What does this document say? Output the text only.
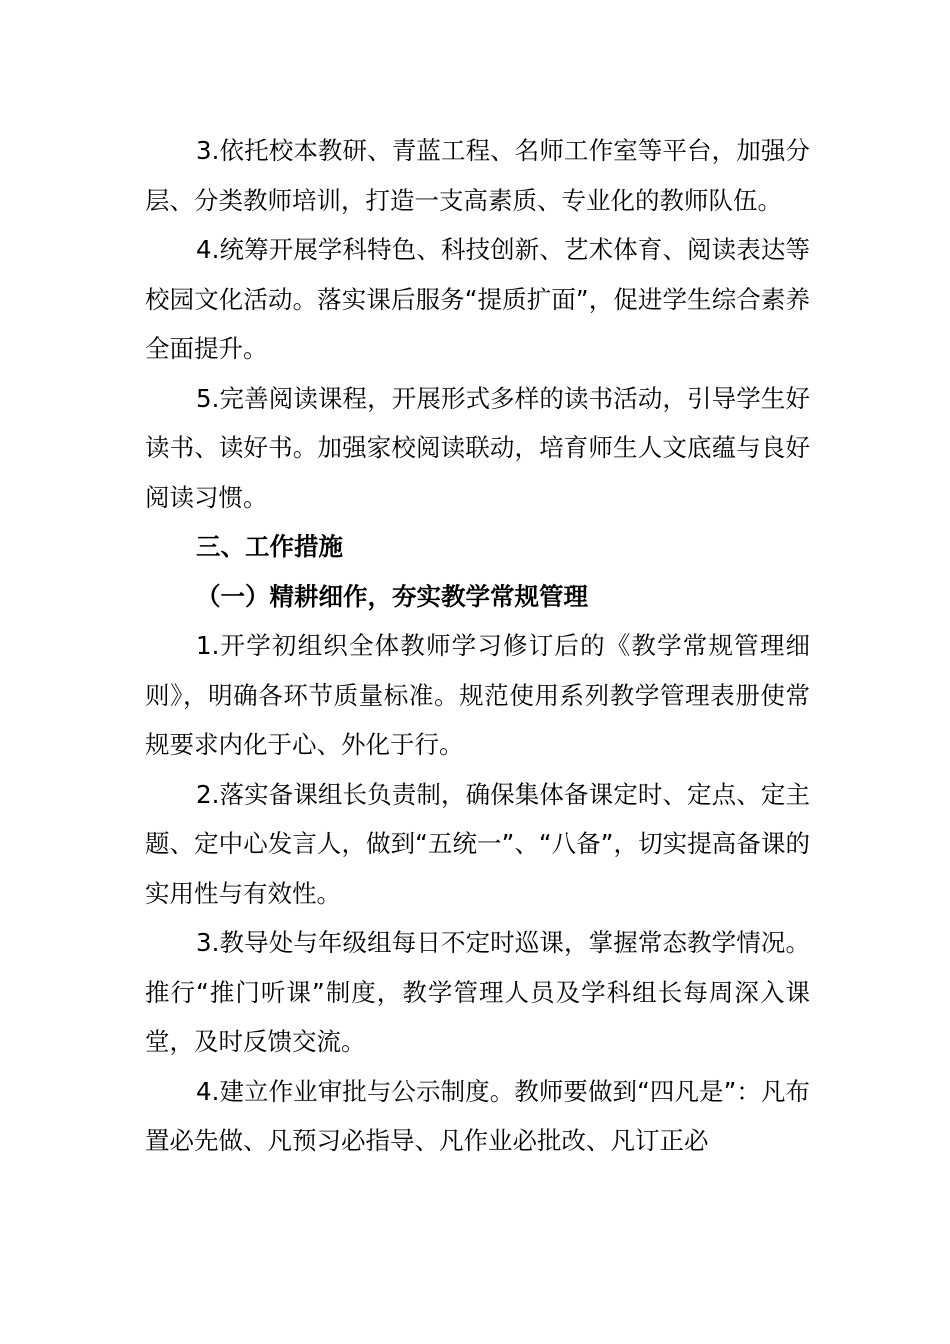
3.依托校本教研、青蓝工程、名师工作室等平台，加强分层、分类教师培训，打造一支高素质、专业化的教师队伍。

4.统筹开展学科特色、科技创新、艺术体育、阅读表达等校园文化活动。落实课后服务“提质扩面”，促进学生综合素养全面提升。

5.完善阅读课程，开展形式多样的读书活动，引导学生好读书、读好书。加强家校阅读联动，培育师生人文底蕴与良好阅读习惯。

三、工作措施

（一）精耕细作，夯实教学常规管理

1.开学初组织全体教师学习修订后的《教学常规管理细则》，明确各环节质量标准。规范使用系列教学管理表册使常规要求内化于心、外化于行。

2.落实备课组长负责制，确保集体备课定时、定点、定主题、定中心发言人，做到“五统一”、“八备”，切实提高备课的实用性与有效性。

3.教导处与年级组每日不定时巡课，掌握常态教学情况。推行“推门听课”制度，教学管理人员及学科组长每周深入课堂，及时反馈交流。

4.建立作业审批与公示制度。教师要做到“四凡是”：凡布置必先做、凡预习必指导、凡作业必批改、凡订正必
